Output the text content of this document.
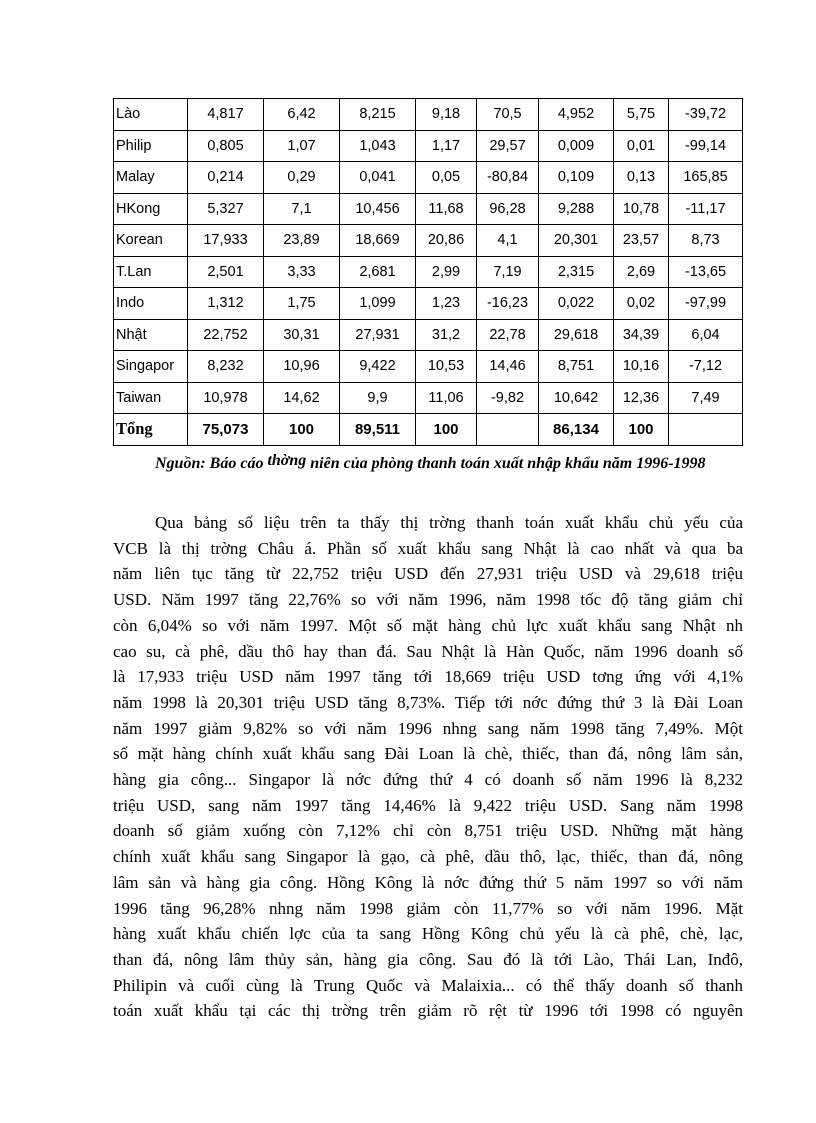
Lào	4,817	6,42	8,215	9,18	70,5	4,952	5,75	-39,72
Philip	0,805	1,07	1,043	1,17	29,57	0,009	0,01	-99,14
Malay	0,214	0,29	0,041	0,05	-80,84	0,109	0,13	165,85
HKong	5,327	7,1	10,456	11,68	96,28	9,288	10,78	-11,17
Korean	17,933	23,89	18,669	20,86	4,1	20,301	23,57	8,73
T.Lan	2,501	3,33	2,681	2,99	7,19	2,315	2,69	-13,65
Indo	1,312	1,75	1,099	1,23	-16,23	0,022	0,02	-97,99
Nhật	22,752	30,31	27,931	31,2	22,78	29,618	34,39	6,04
Singapor	8,232	10,96	9,422	10,53	14,46	8,751	10,16	-7,12
Taiwan	10,978	14,62	9,9	11,06	-9,82	10,642	12,36	7,49
Tổng	75,073	100	89,511	100		86,134	100	
Nguồn: Báo cáo thờng niên của phòng thanh toán xuất nhập khẩu năm 1996-1998
Qua bảng số liệu trên ta thấy thị trờng thanh toán xuất khẩu chủ yếu của
VCB là thị trờng Châu á. Phần số xuất khẩu sang Nhật là cao nhất và qua ba
năm liên tục tăng từ 22,752 triệu USD đến 27,931 triệu USD và 29,618 triệu
USD. Năm 1997 tăng 22,76% so với năm 1996, năm 1998 tốc độ tăng giảm chỉ
còn 6,04% so với năm 1997. Một số mặt hàng chủ lực xuất khẩu sang Nhật nh
cao su, cà phê, dầu thô hay than đá. Sau Nhật là Hàn Quốc, năm 1996 doanh số
là 17,933 triệu USD năm 1997 tăng tới 18,669 triệu USD tơng ứng với 4,1%
năm 1998 là 20,301 triệu USD tăng 8,73%. Tiếp tới nớc đứng thứ 3 là Đài Loan
năm 1997 giảm 9,82% so với năm 1996 nhng sang năm 1998 tăng 7,49%. Một
số mặt hàng chính xuất khẩu sang Đài Loan là chè, thiếc, than đá, nông lâm sản,
hàng gia công... Singapor là nớc đứng thứ 4 có doanh số năm 1996 là 8,232
triệu USD, sang năm 1997 tăng 14,46% là 9,422 triệu USD. Sang năm 1998
doanh số giảm xuống còn 7,12% chỉ còn 8,751 triệu USD. Những mặt hàng
chính xuất khẩu sang Singapor là gạo, cà phê, dầu thô, lạc, thiếc, than đá, nông
lâm sản và hàng gia công. Hồng Kông là nớc đứng thứ 5 năm 1997 so với năm
1996 tăng 96,28% nhng năm 1998 giảm còn 11,77% so với năm 1996. Mặt
hàng xuất khẩu chiến lợc của ta sang Hồng Kông chủ yếu là cà phê, chè, lạc,
than đá, nông lâm thủy sản, hàng gia công. Sau đó là tới Lào, Thái Lan, Inđô,
Philipin và cuối cùng là Trung Quốc và Malaixia... có thể thấy doanh số thanh
toán xuất khẩu tại các thị trờng trên giảm rõ rệt từ 1996 tới 1998 có nguyên
